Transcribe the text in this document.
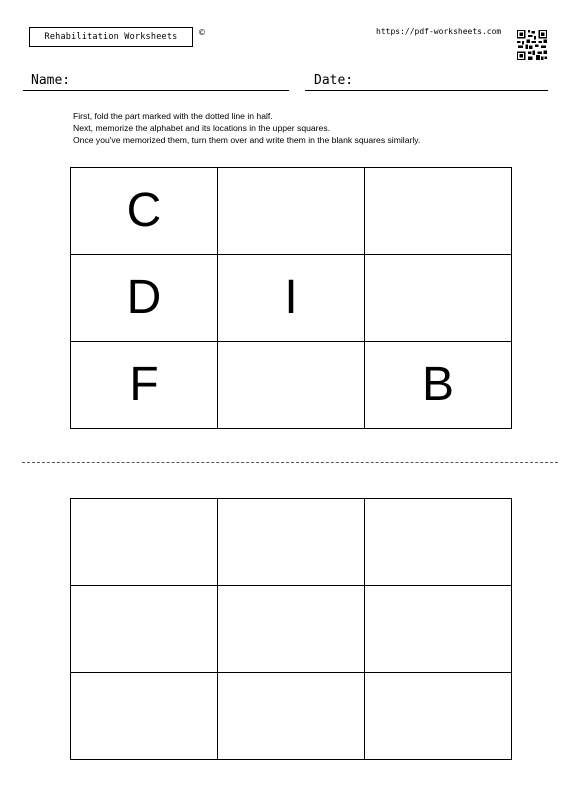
Rehabilitation Worksheets	©	https://pdf-worksheets.com
Name:	Date:
First, fold the part marked with the dotted line in half.
Next, memorize the alphabet and its locations in the upper squares.
Once you've memorized them, turn them over and write them in the blank squares similarly.
C		
D	I	
F		B
